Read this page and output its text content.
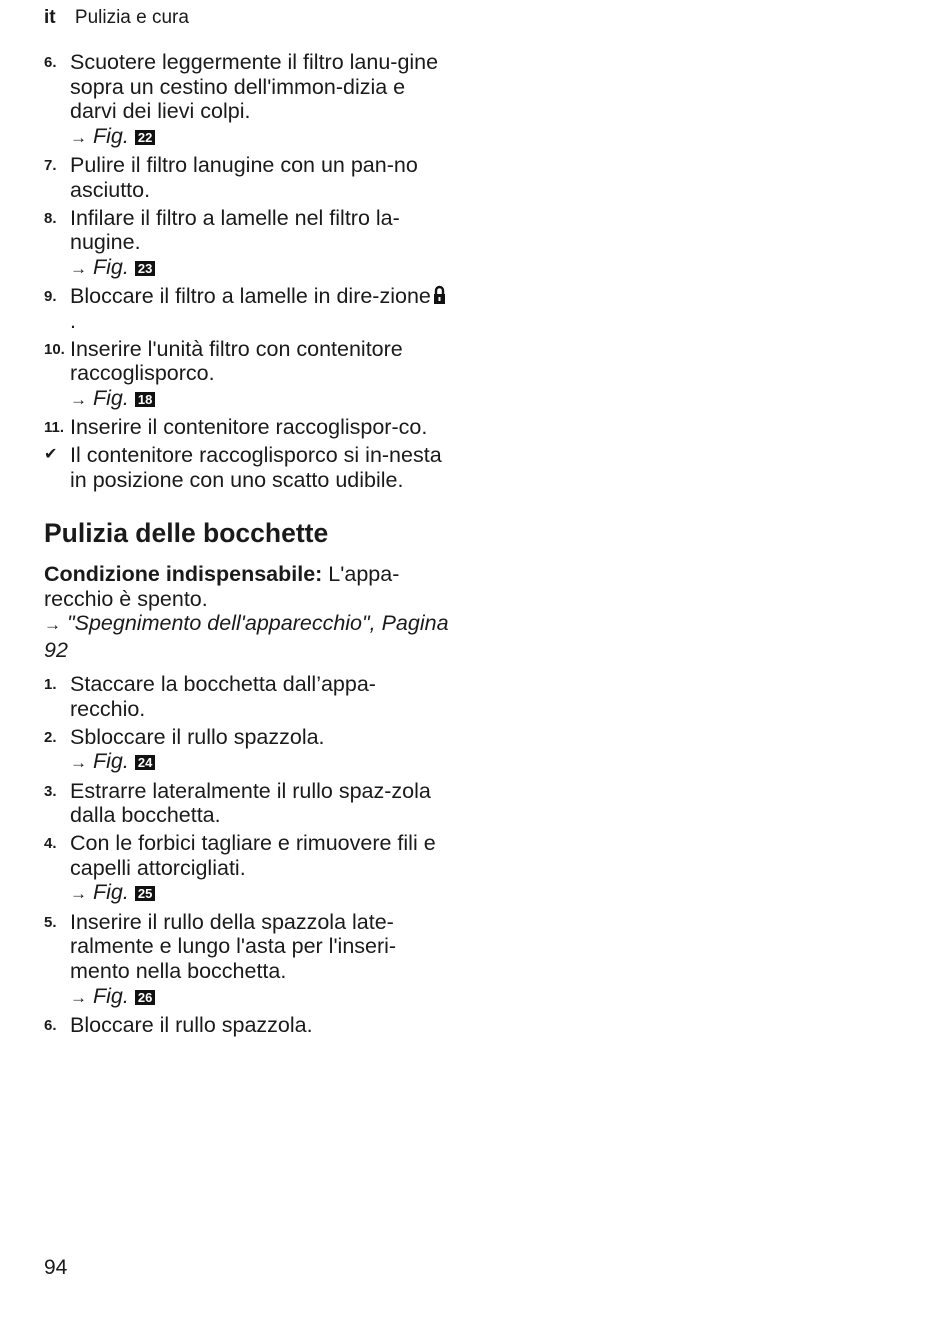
it Pulizia e cura
6. Scuotere leggermente il filtro lanu-gine sopra un cestino dell'immon-dizia e darvi dei lievi colpi.
→ Fig. 22
7. Pulire il filtro lanugine con un pan-no asciutto.
8. Infilare il filtro a lamelle nel filtro la-nugine.
→ Fig. 23
9. Bloccare il filtro a lamelle in dire-zione.
10. Inserire l'unità filtro con contenitore raccoglisporco.
→ Fig. 18
11. Inserire il contenitore raccoglispor-co.
✔ Il contenitore raccoglisporco si in-nesta in posizione con uno scatto udibile.
Pulizia delle bocchette
Condizione indispensabile: L'appa-recchio è spento.
→ "Spegnimento dell'apparecchio", Pagina 92
1. Staccare la bocchetta dall’appa-recchio.
2. Sbloccare il rullo spazzola.
→ Fig. 24
3. Estrarre lateralmente il rullo spaz-zola dalla bocchetta.
4. Con le forbici tagliare e rimuovere fili e capelli attorcigliati.
→ Fig. 25
5. Inserire il rullo della spazzola late-ralmente e lungo l'asta per l'inseri-mento nella bocchetta.
→ Fig. 26
6. Bloccare il rullo spazzola.
94
